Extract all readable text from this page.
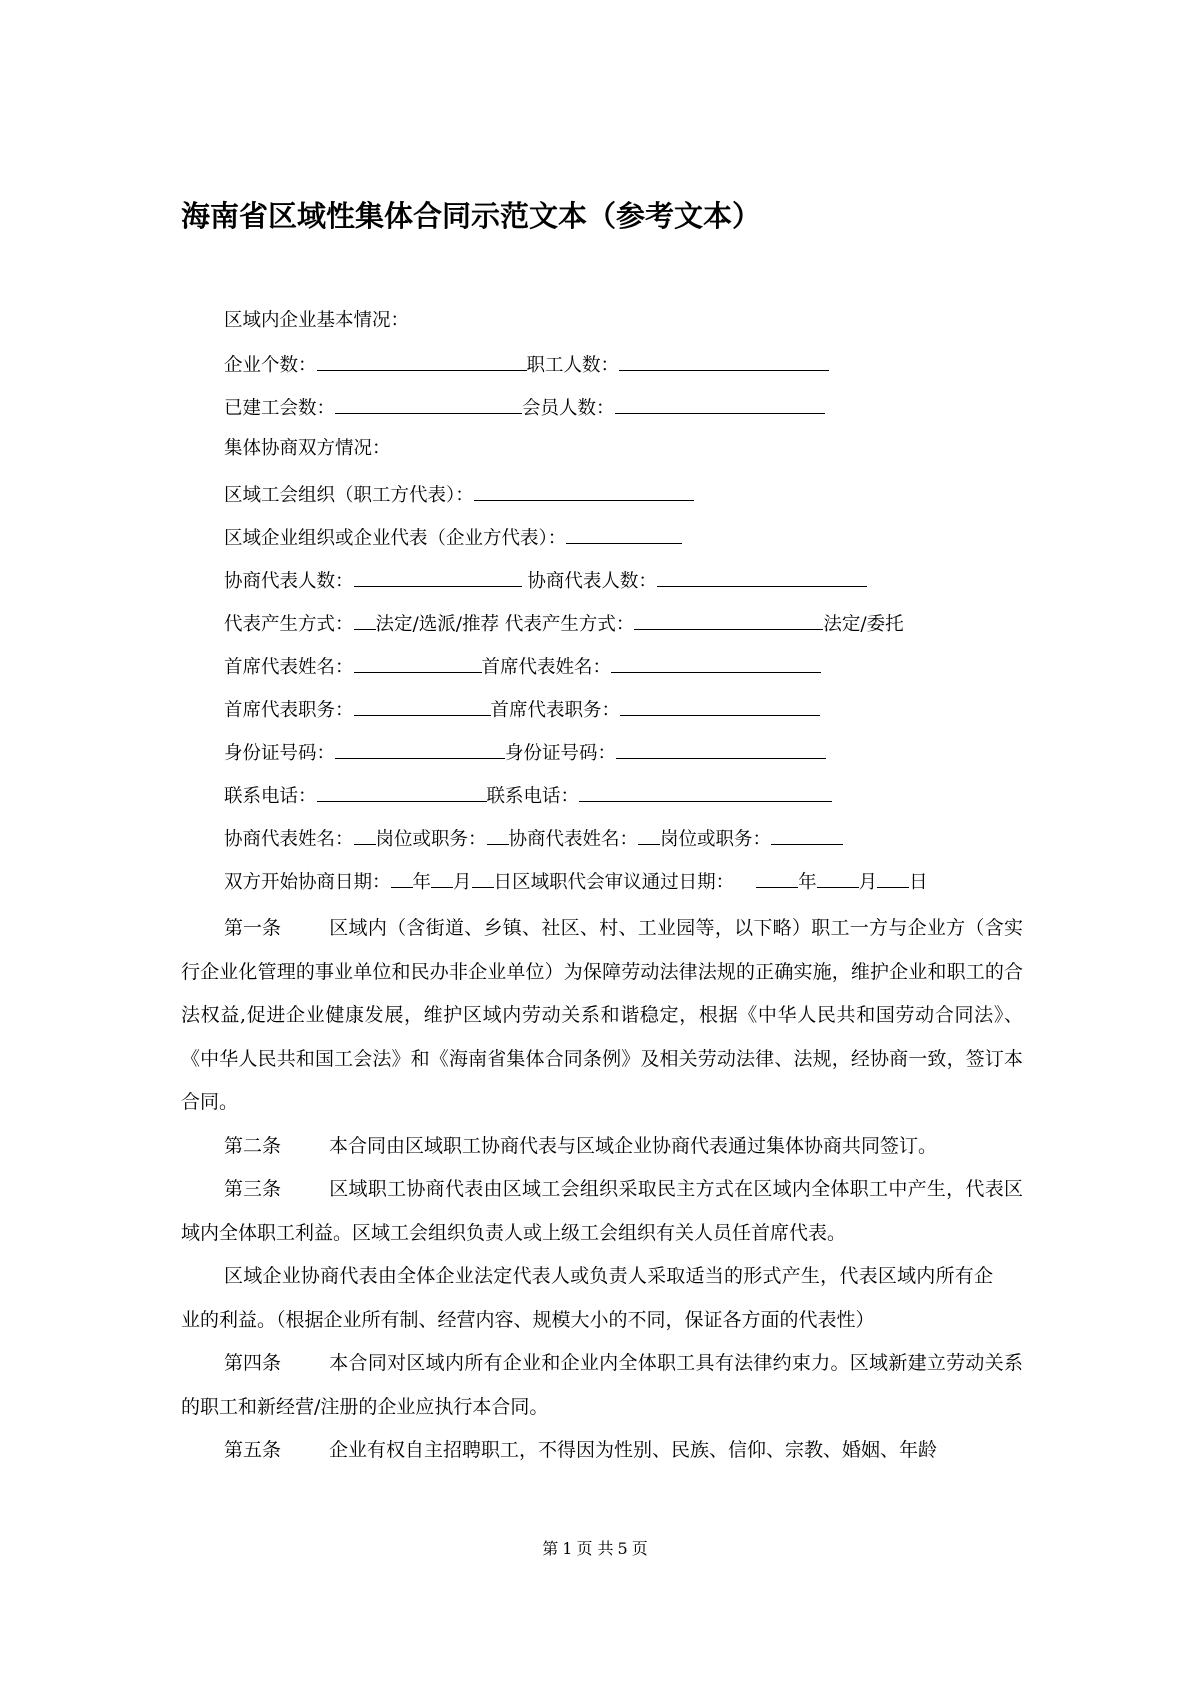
海南省区域性集体合同示范文本（参考文本）
区域内企业基本情况：
企业个数：	职工人数：
已建工会数：	会员人数：
集体协商双方情况：
区域工会组织（职工方代表）：
区域企业组织或企业代表（企业方代表）：
协商代表人数：	协商代表人数：
代表产生方式： 法定/选派/推荐 代表产生方式：	法定/委托
首席代表姓名：	首席代表姓名：
首席代表职务：	首席代表职务：
身份证号码：	身份证号码：
联系电话：	联系电话：
协商代表姓名： 岗位或职务： 协商代表姓名： 岗位或职务：
双方开始协商日期： 年 月 日区域职代会审议通过日期：	年 月 日

第一条	区域内（含街道、乡镇、社区、村、工业园等，以下略）职工一方与企业方（含实行企业化管理的事业单位和民办非企业单位）为保障劳动法律法规的正确实施，维护企业和职工的合法权益,促进企业健康发展，维护区域内劳动关系和谐稳定，根据《中华人民共和国劳动合同法》、《中华人民共和国工会法》和《海南省集体合同条例》及相关劳动法律、法规，经协商一致，签订本合同。

第二条	本合同由区域职工协商代表与区域企业协商代表通过集体协商共同签订。

第三条	区域职工协商代表由区域工会组织采取民主方式在区域内全体职工中产生，代表区域内全体职工利益。区域工会组织负责人或上级工会组织有关人员任首席代表。

区域企业协商代表由全体企业法定代表人或负责人采取适当的形式产生，代表区域内所有企业的利益。（根据企业所有制、经营内容、规模大小的不同，保证各方面的代表性）

第四条	本合同对区域内所有企业和企业内全体职工具有法律约束力。区域新建立劳动关系的职工和新经营/注册的企业应执行本合同。

第五条	企业有权自主招聘职工，不得因为性别、民族、信仰、宗教、婚姻、年龄

第 1 页 共 5 页
